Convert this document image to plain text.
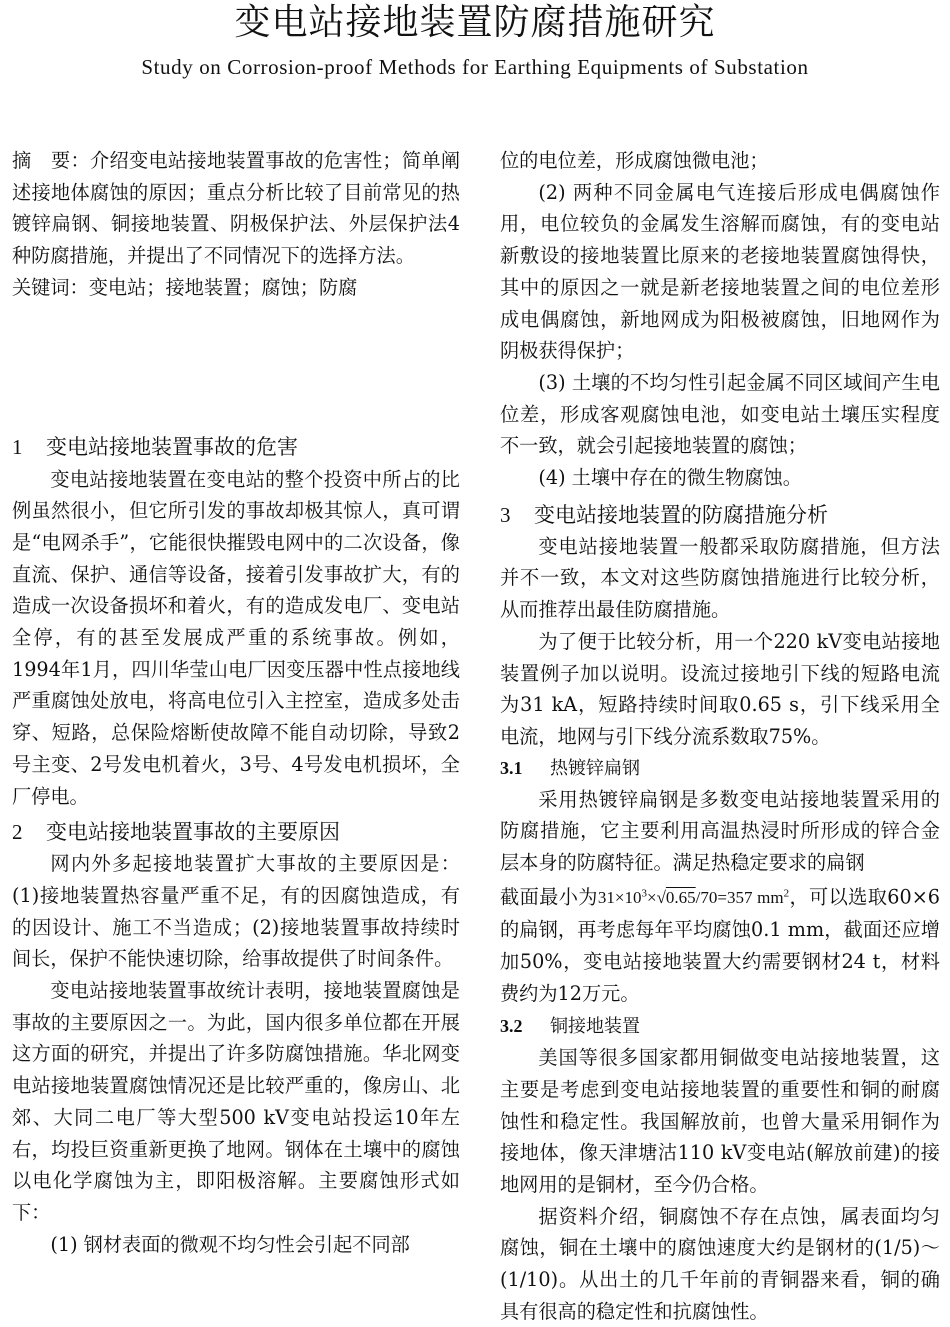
变电站接地装置防腐措施研究
Study on Corrosion-proof Methods for Earthing Equipments of Substation
摘　要：介绍变电站接地装置事故的危害性；简单阐述接地体腐蚀的原因；重点分析比较了目前常见的热镀锌扁钢、铜接地装置、阴极保护法、外层保护法4种防腐措施，并提出了不同情况下的选择方法。
关键词：变电站；接地装置；腐蚀；防腐
1 变电站接地装置事故的危害
变电站接地装置在变电站的整个投资中所占的比例虽然很小，但它所引发的事故却极其惊人，真可谓是“电网杀手”，它能很快摧毁电网中的二次设备，像直流、保护、通信等设备，接着引发事故扩大，有的造成一次设备损坏和着火，有的造成发电厂、变电站全停，有的甚至发展成严重的系统事故。例如，1994年1月，四川华莹山电厂因变压器中性点接地线严重腐蚀处放电，将高电位引入主控室，造成多处击穿、短路，总保险熔断使故障不能自动切除，导致2号主变、2号发电机着火，3号、4号发电机损坏，全厂停电。
2 变电站接地装置事故的主要原因
网内外多起接地装置扩大事故的主要原因是：(1)接地装置热容量严重不足，有的因腐蚀造成，有的因设计、施工不当造成；(2)接地装置事故持续时间长，保护不能快速切除，给事故提供了时间条件。
变电站接地装置事故统计表明，接地装置腐蚀是事故的主要原因之一。为此，国内很多单位都在开展这方面的研究，并提出了许多防腐蚀措施。华北网变电站接地装置腐蚀情况还是比较严重的，像房山、北郊、大同二电厂等大型500 kV变电站投运10年左右，均投巨资重新更换了地网。钢体在土壤中的腐蚀以电化学腐蚀为主，即阳极溶解。主要腐蚀形式如下：
(1) 钢材表面的微观不均匀性会引起不同部
位的电位差，形成腐蚀微电池；
(2) 两种不同金属电气连接后形成电偶腐蚀作用，电位较负的金属发生溶解而腐蚀，有的变电站新敷设的接地装置比原来的老接地装置腐蚀得快，其中的原因之一就是新老接地装置之间的电位差形成电偶腐蚀，新地网成为阳极被腐蚀，旧地网作为阴极获得保护；
(3) 土壤的不均匀性引起金属不同区域间产生电位差，形成客观腐蚀电池，如变电站土壤压实程度不一致，就会引起接地装置的腐蚀；
(4) 土壤中存在的微生物腐蚀。
3 变电站接地装置的防腐措施分析
变电站接地装置一般都采取防腐措施，但方法并不一致，本文对这些防腐蚀措施进行比较分析，从而推荐出最佳防腐措施。
为了便于比较分析，用一个220 kV变电站接地装置例子加以说明。设流过接地引下线的短路电流为31 kA，短路持续时间取0.65 s，引下线采用全电流，地网与引下线分流系数取75%。
3.1 热镀锌扁钢
采用热镀锌扁钢是多数变电站接地装置采用的防腐措施，它主要利用高温热浸时所形成的锌合金层本身的防腐特征。满足热稳定要求的扁钢
截面最小为$31\times 10^3\times√0.65/70=357$ $mm^2$，可以选取60×6的扁钢，再考虑每年平均腐蚀0.1 mm，截面还应增加50%，变电站接地装置大约需要钢材24 t，材料费约为12万元。
3.2 铜接地装置
美国等很多国家都用铜做变电站接地装置，这主要是考虑到变电站接地装置的重要性和铜的耐腐蚀性和稳定性。我国解放前，也曾大量采用铜作为接地体，像天津塘沽110 kV变电站(解放前建)的接地网用的是铜材，至今仍合格。
据资料介绍，铜腐蚀不存在点蚀，属表面均匀腐蚀，铜在土壤中的腐蚀速度大约是钢材的(1/5)～(1/10)。从出土的几千年前的青铜器来看，铜的确具有很高的稳定性和抗腐蚀性。
